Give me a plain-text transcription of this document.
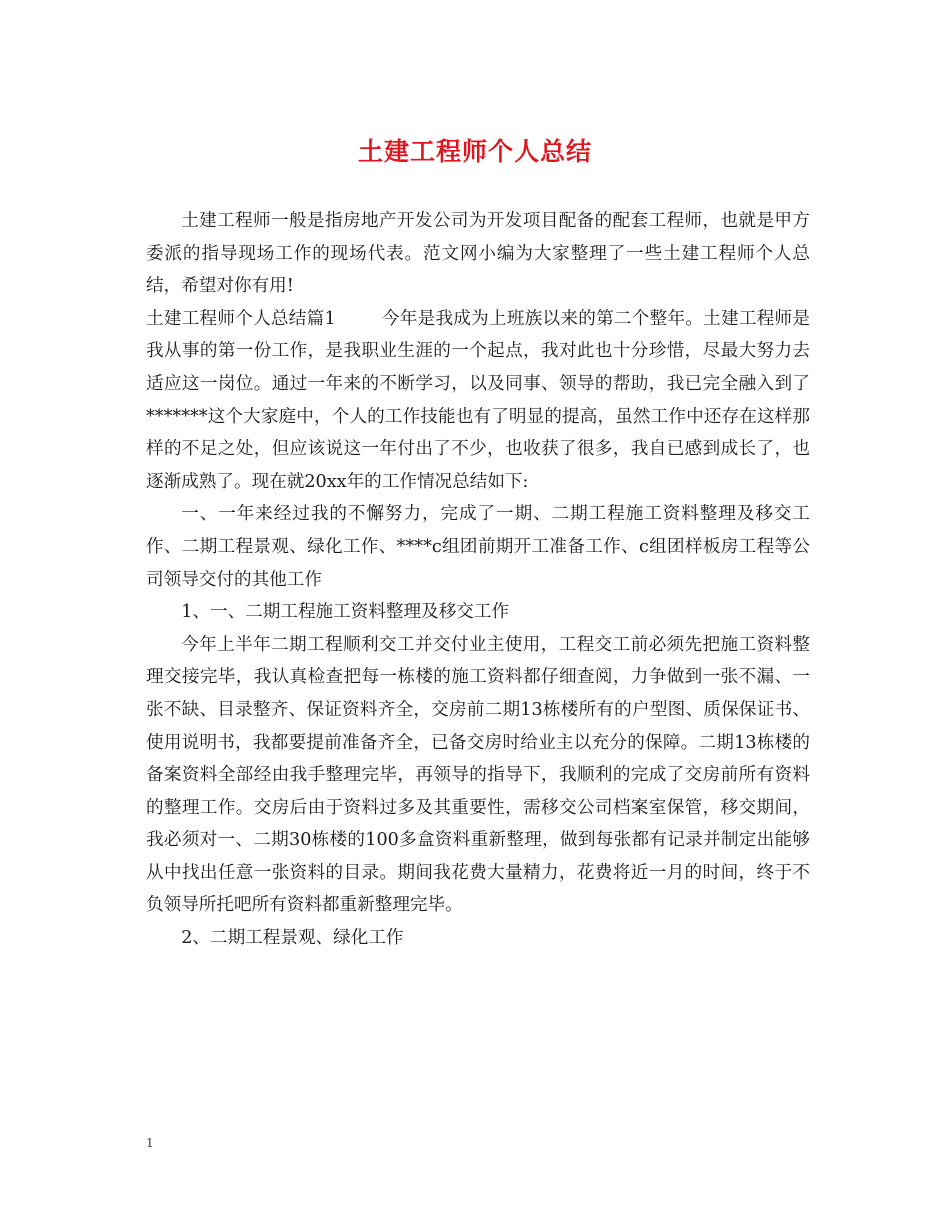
土建工程师个人总结

土建工程师一般是指房地产开发公司为开发项目配备的配套工程师，也就是甲方委派的指导现场工作的现场代表。范文网小编为大家整理了一些土建工程师个人总结，希望对你有用!

土建工程师个人总结篇1	今年是我成为上班族以来的第二个整年。土建工程师是我从事的第一份工作，是我职业生涯的一个起点，我对此也十分珍惜，尽最大努力去适应这一岗位。通过一年来的不断学习，以及同事、领导的帮助，我已完全融入到了*******这个大家庭中，个人的工作技能也有了明显的提高，虽然工作中还存在这样那样的不足之处，但应该说这一年付出了不少，也收获了很多，我自已感到成长了，也逐渐成熟了。现在就20xx年的工作情况总结如下:

一、一年来经过我的不懈努力，完成了一期、二期工程施工资料整理及移交工作、二期工程景观、绿化工作、****c组团前期开工准备工作、c组团样板房工程等公司领导交付的其他工作

1、一、二期工程施工资料整理及移交工作

今年上半年二期工程顺利交工并交付业主使用，工程交工前必须先把施工资料整理交接完毕，我认真检查把每一栋楼的施工资料都仔细查阅，力争做到一张不漏、一张不缺、目录整齐、保证资料齐全，交房前二期13栋楼所有的户型图、质保保证书、使用说明书，我都要提前准备齐全，已备交房时给业主以充分的保障。二期13栋楼的备案资料全部经由我手整理完毕，再领导的指导下，我顺利的完成了交房前所有资料的整理工作。交房后由于资料过多及其重要性，需移交公司档案室保管，移交期间，我必须对一、二期30栋楼的100多盒资料重新整理，做到每张都有记录并制定出能够从中找出任意一张资料的目录。期间我花费大量精力，花费将近一月的时间，终于不负领导所托吧所有资料都重新整理完毕。

2、二期工程景观、绿化工作

1
